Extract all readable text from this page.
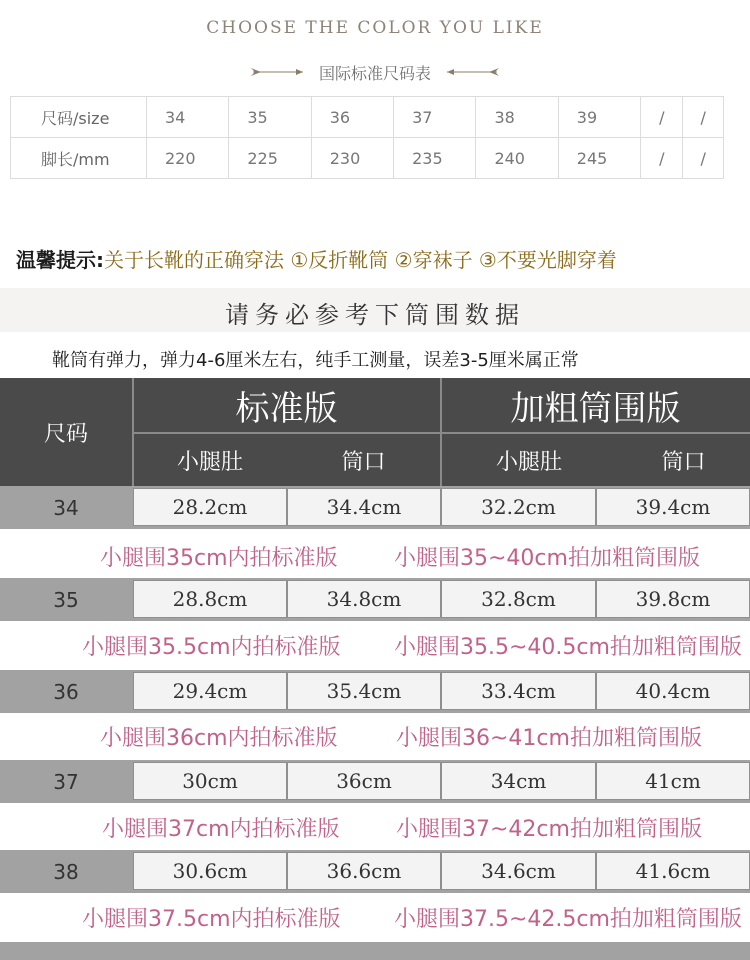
CHOOSE THE COLOR YOU LIKE
国际标准尺码表
尺码/size	34	35	36	37	38	39	/	/
脚长/mm	220	225	230	235	240	245	/	/
温馨提示:关于长靴的正确穿法 ①反折靴筒 ②穿袜子 ③不要光脚穿着
请务必参考下筒围数据
靴筒有弹力，弹力4-6厘米左右，纯手工测量，误差3-5厘米属正常
尺码
标准版	加粗筒围版
小腿肚	筒口	小腿肚	筒口
34	28.2cm	34.4cm	32.2cm	39.4cm
小腿围35cm内拍标准版	小腿围35~40cm拍加粗筒围版
35	28.8cm	34.8cm	32.8cm	39.8cm
小腿围35.5cm内拍标准版 小腿围35.5~40.5cm拍加粗筒围版
36	29.4cm	35.4cm	33.4cm	40.4cm
小腿围36cm内拍标准版	小腿围36~41cm拍加粗筒围版
37	30cm	36cm	34cm	41cm
小腿围37cm内拍标准版	小腿围37~42cm拍加粗筒围版
38	30.6cm	36.6cm	34.6cm	41.6cm
小腿围37.5cm内拍标准版 小腿围37.5~42.5cm拍加粗筒围版
